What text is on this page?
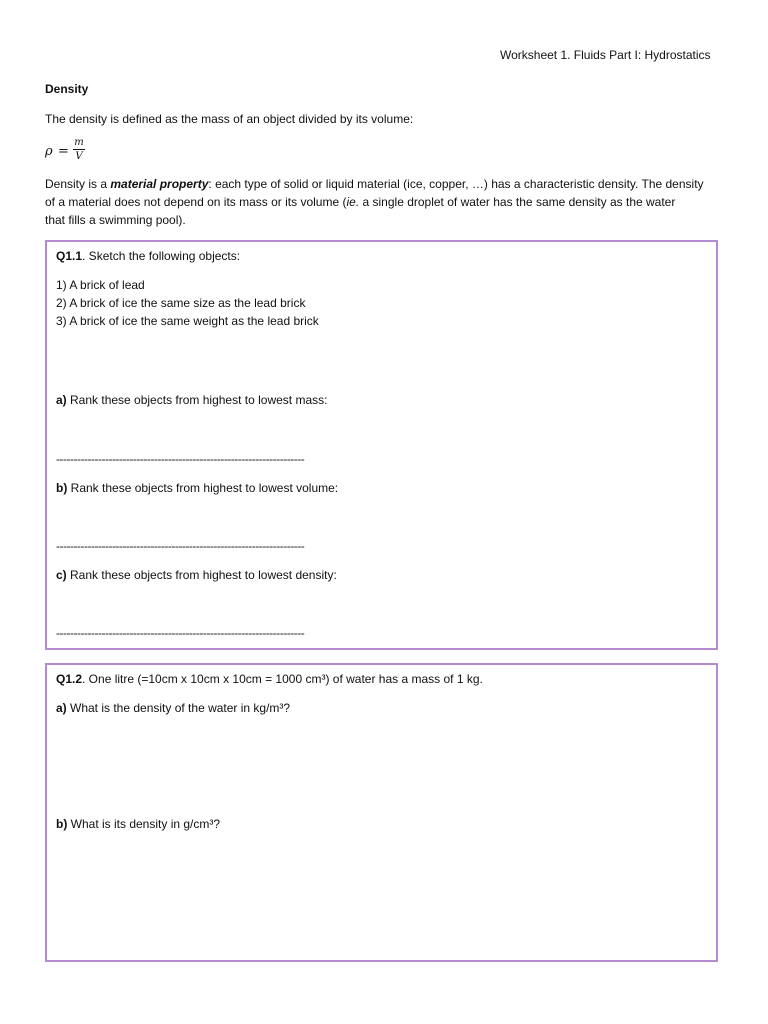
Worksheet 1. Fluids Part I: Hydrostatics
Density
The density is defined as the mass of an object divided by its volume:
ρ =
m
V
Density is a material property: each type of solid or liquid material (ice, copper, …) has a characteristic density. The density
of a material does not depend on its mass or its volume (ie. a single droplet of water has the same density as the water
that fills a swimming pool).
Q1.1. Sketch the following objects:
1) A brick of lead
2) A brick of ice the same size as the lead brick
3) A brick of ice the same weight as the lead brick
a) Rank these objects from highest to lowest mass:
-----------------------------------------------------------------------
b) Rank these objects from highest to lowest volume:
-----------------------------------------------------------------------
c) Rank these objects from highest to lowest density:
-----------------------------------------------------------------------
Q1.2. One litre (=10cm x 10cm x 10cm = 1000 cm³) of water has a mass of 1 kg.
a) What is the density of the water in kg/m³?
b) What is its density in g/cm³?
